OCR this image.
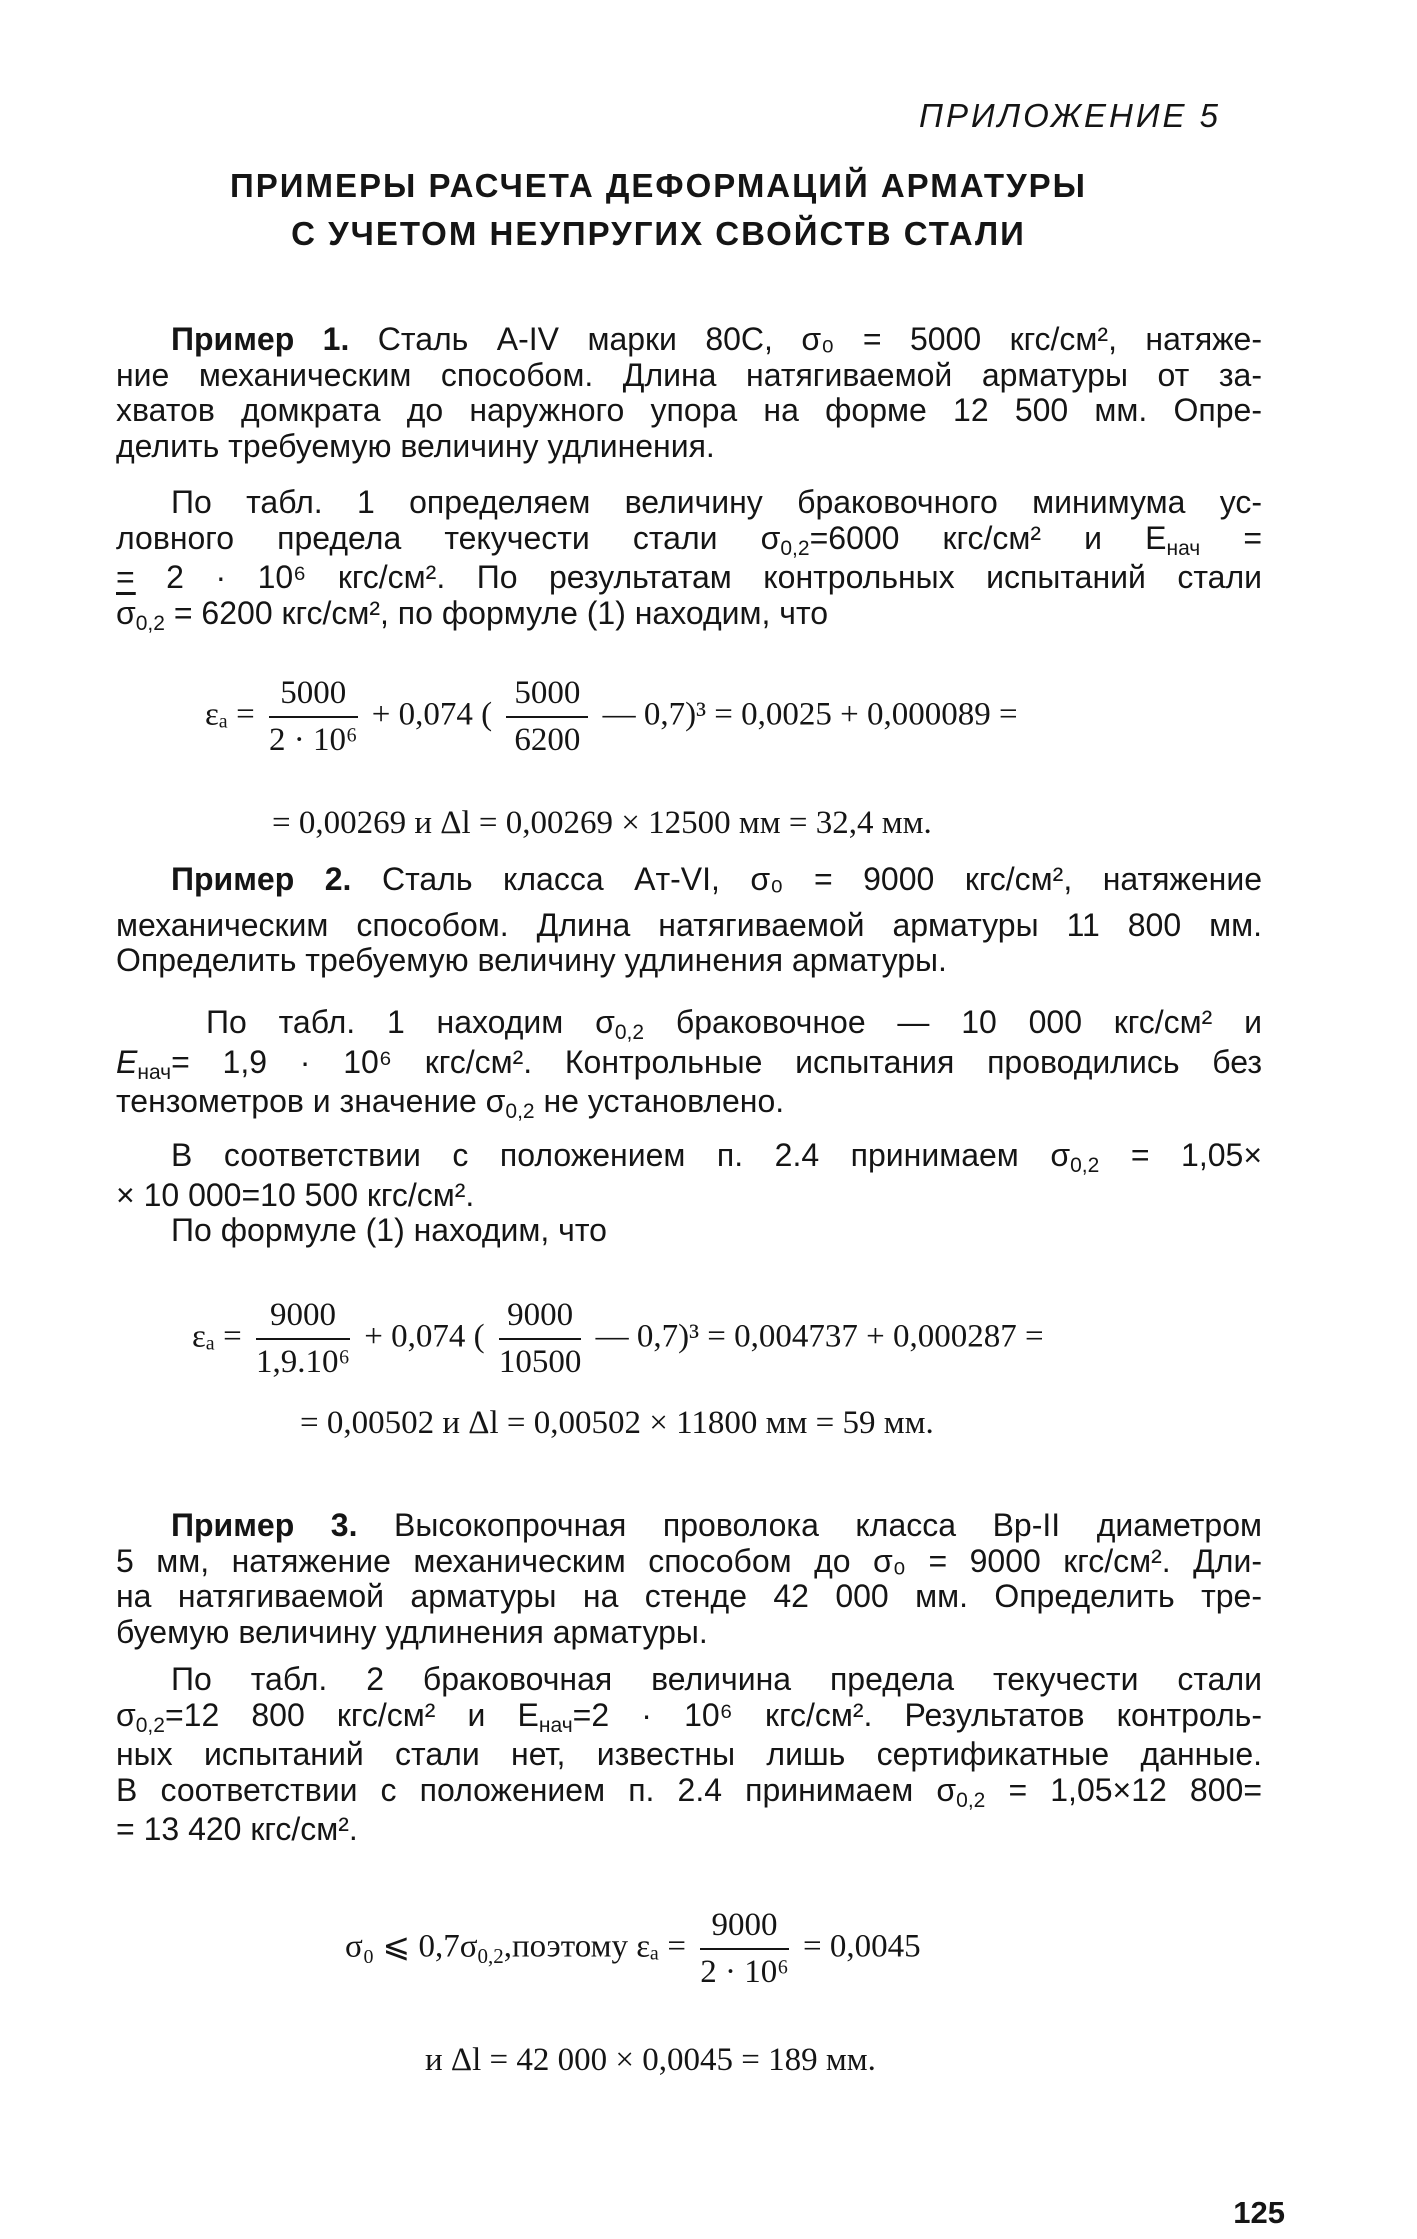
ПРИЛОЖЕНИЕ 5
ПРИМЕРЫ РАСЧЕТА ДЕФОРМАЦИЙ АРМАТУРЫ
С УЧЕТОМ НЕУПРУГИХ СВОЙСТВ СТАЛИ
Пример 1. Сталь A-IV марки 80С, σ₀ = 5000 кгс/см², натяже-
ние механическим способом. Длина натягиваемой арматуры от за-
хватов домкрата до наружного упора на форме 12 500 мм. Опре-
делить требуемую величину удлинения.
По табл. 1 определяем величину браковочного минимума ус-
ловного предела текучести стали σ0,2=6000 кгс/см² и Eнач =
= 2 · 10⁶ кгс/см². По результатам контрольных испытаний стали
$\overline{\sigma}0,2 = 6200$ кгс/см², по формуле (1) находим, что
$\varepsilon_a = \frac{5000}{\text{2 · 10⁶}} + 0,074$ ( $\frac{5000}{6200}$ — 0,7)³ = 0,0025 + 0,000089 =
= 0,00269 и Δl = 0,00269 × 12500 мм = 32,4 мм.
Пример 2. Сталь класса Aт-VI, σ₀ = 9000 кгс/см², натяжение
механическим способом. Длина натягиваемой арматуры 11 800 мм.
Определить требуемую величину удлинения арматуры.
По табл. 1 находим σ0,2 браковочное — 10 000 кгс/см² и
Eнач= 1,9 · 10⁶ кгс/см². Контрольные испытания проводились без
тензометров и значение σ0,2 не установлено.
В соответствии с положением п. 2.4 принимаем σ0,2 = 1,05×
× 10 000=10 500 кгс/см².
По формуле (1) находим, что
$\varepsilon_a = \frac{9000}{\text{1,9.10⁶}} + 0,074$ ( $\frac{9000}{10500}$ — 0,7)³ = 0,004737 + 0,000287 =
= 0,00502 и Δl = 0,00502 × 11800 мм = 59 мм.
Пример 3. Высокопрочная проволока класса Bp-II диаметром
5 мм, натяжение механическим способом до σ₀ = 9000 кгс/см². Дли-
на натягиваемой арматуры на стенде 42 000 мм. Определить тре-
буемую величину удлинения арматуры.
По табл. 2 браковочная величина предела текучести стали
σ0,2=12 800 кгс/см² и Eнач=2 · 10⁶ кгс/см². Результатов контроль-
ных испытаний стали нет, известны лишь сертификатные данные.
В соответствии с положением п. 2.4 принимаем σ0,2 = 1,05×12 800=
= 13 420 кгс/см².
σ₀ ⩽ 0,7σ0,2,поэтому $\varepsilon_a = \frac{9000}{\text{2 · 10⁶}} = 0,0045$
и Δl = 42 000 × 0,0045 = 189 мм.
125
